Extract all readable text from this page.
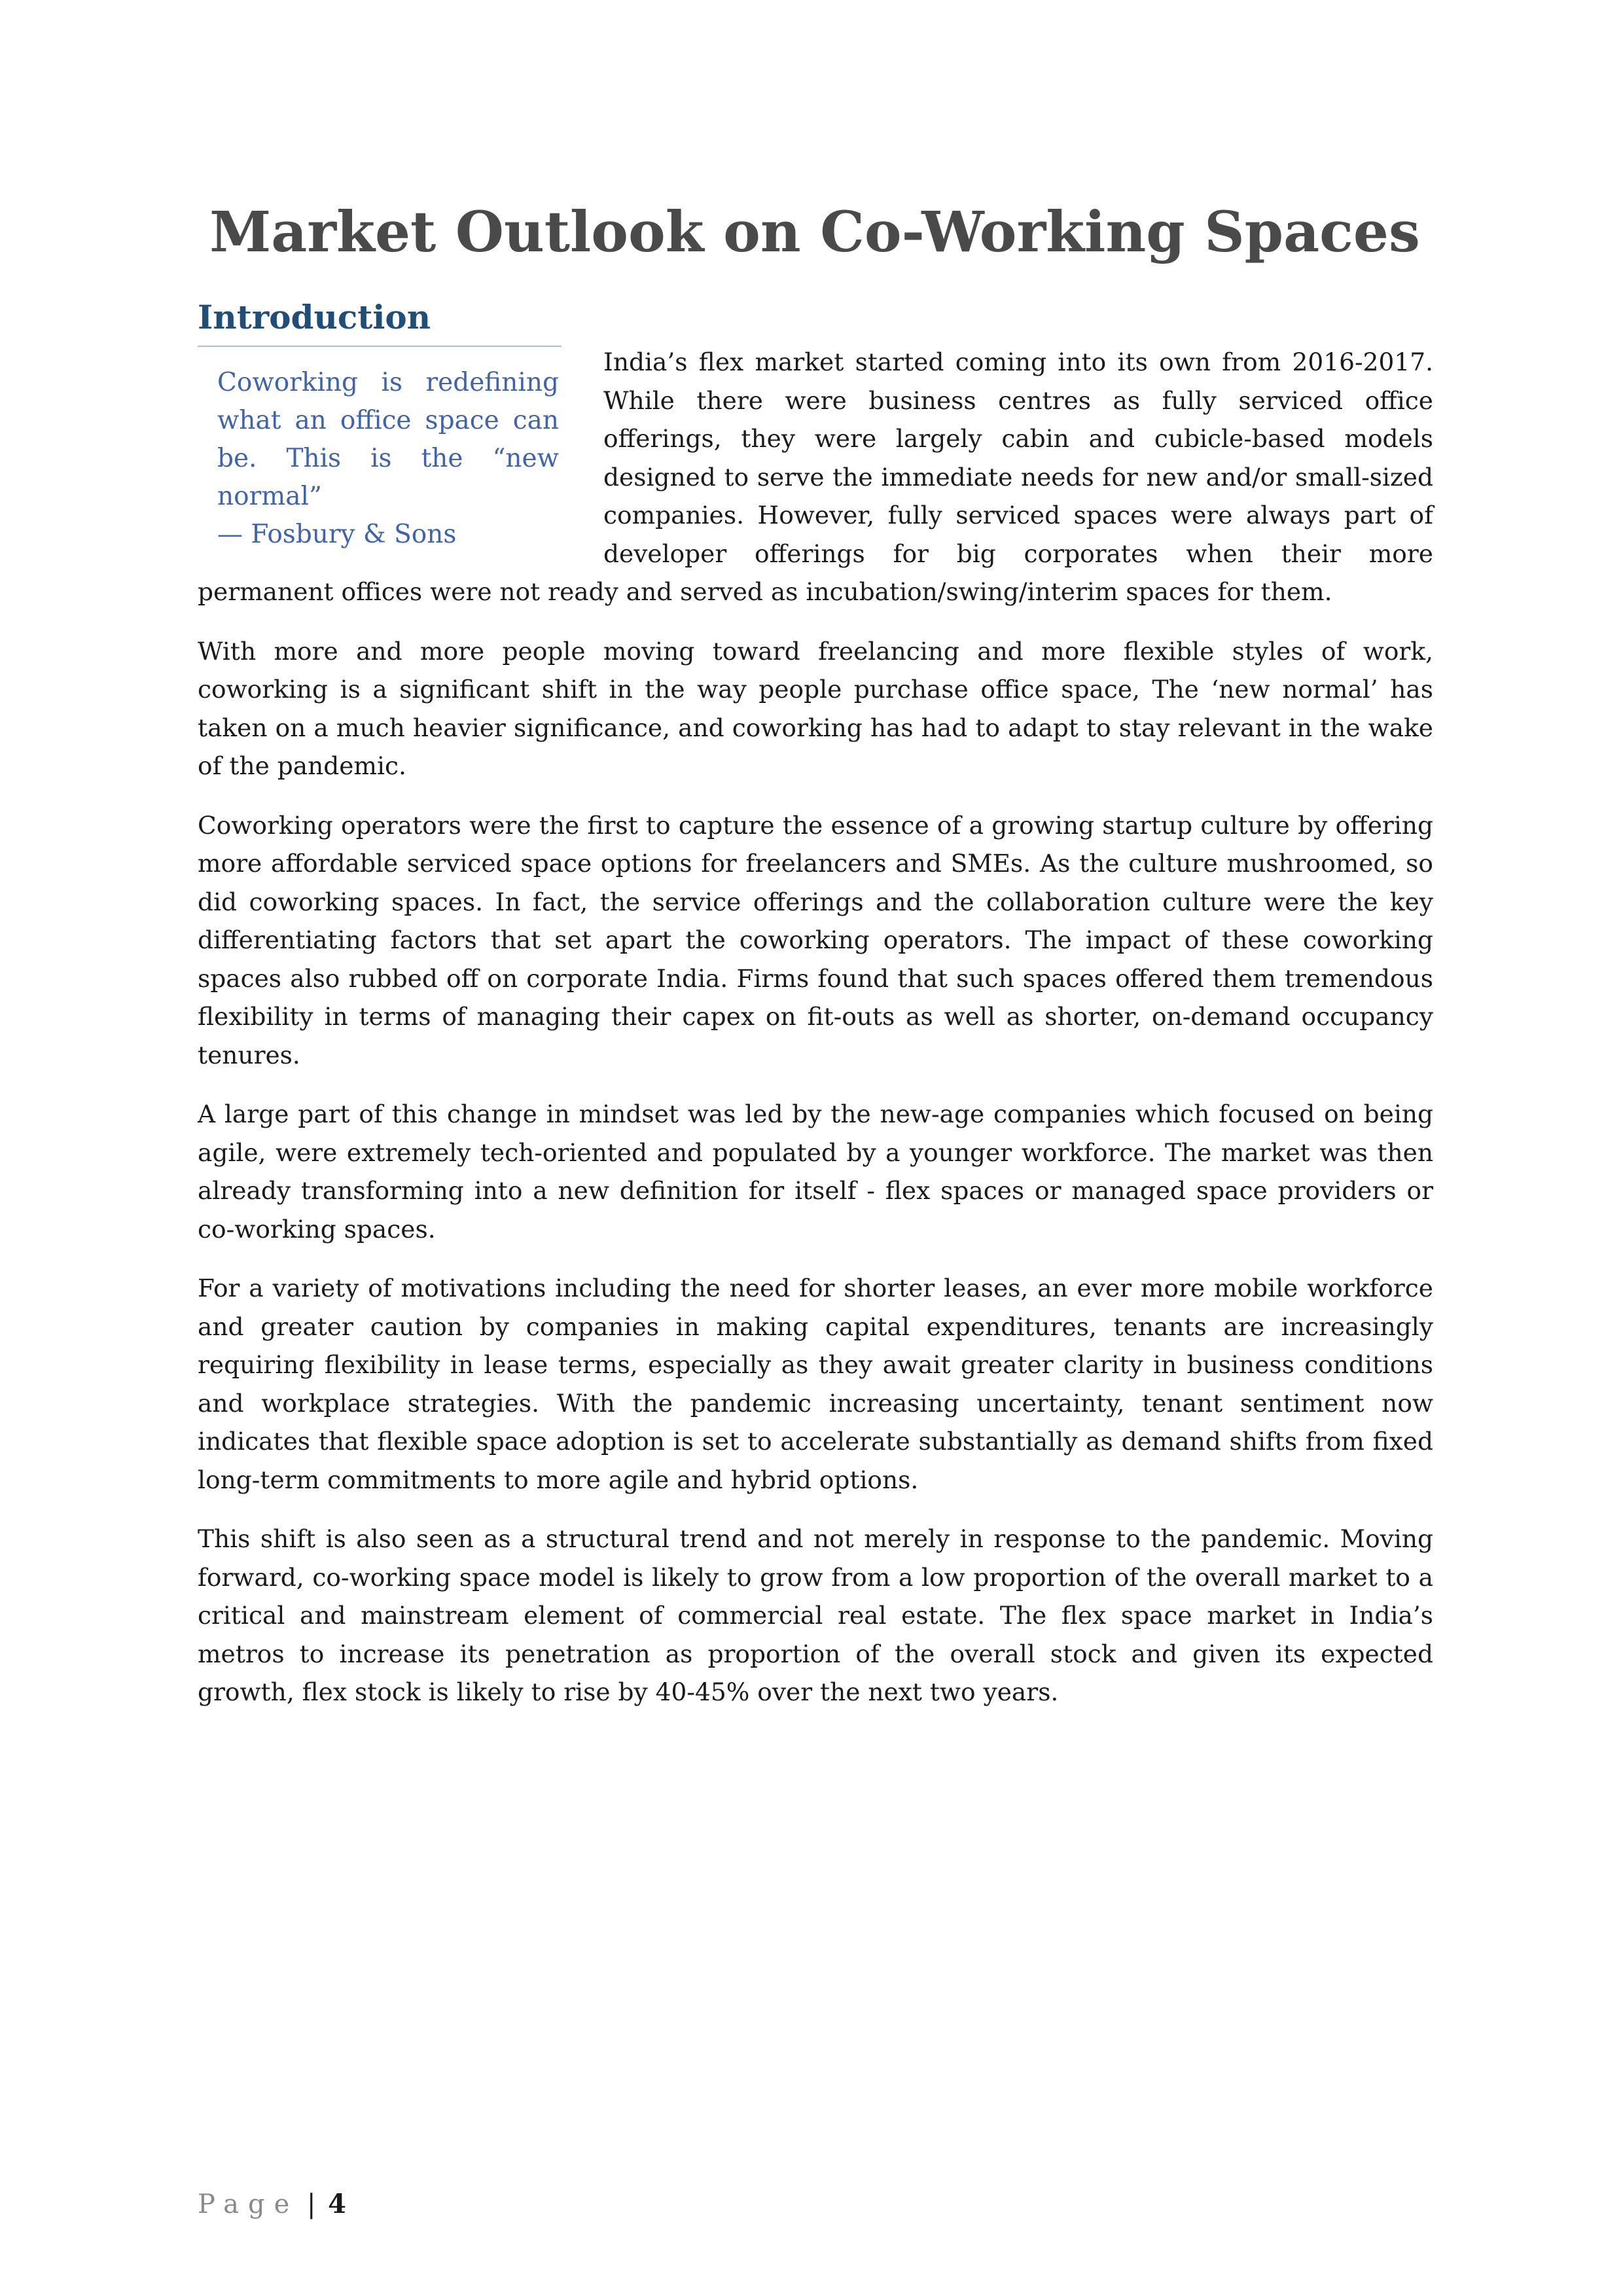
Market Outlook on Co-Working Spaces
Introduction
Coworking is redefining what an office space can be. This is the “new normal”
— Fosbury & Sons

India’s flex market started coming into its own from 2016-2017. While there were business centres as fully serviced office offerings, they were largely cabin and cubicle-based models designed to serve the immediate needs for new and/or small-sized companies. However, fully serviced spaces were always part of developer offerings for big corporates when their more permanent offices were not ready and served as incubation/swing/interim spaces for them.

With more and more people moving toward freelancing and more flexible styles of work, coworking is a significant shift in the way people purchase office space, The ‘new normal’ has taken on a much heavier significance, and coworking has had to adapt to stay relevant in the wake of the pandemic.

Coworking operators were the first to capture the essence of a growing startup culture by offering more affordable serviced space options for freelancers and SMEs. As the culture mushroomed, so did coworking spaces. In fact, the service offerings and the collaboration culture were the key differentiating factors that set apart the coworking operators. The impact of these coworking spaces also rubbed off on corporate India. Firms found that such spaces offered them tremendous flexibility in terms of managing their capex on fit-outs as well as shorter, on-demand occupancy tenures.

A large part of this change in mindset was led by the new-age companies which focused on being agile, were extremely tech-oriented and populated by a younger workforce. The market was then already transforming into a new definition for itself - flex spaces or managed space providers or co-working spaces.

For a variety of motivations including the need for shorter leases, an ever more mobile workforce and greater caution by companies in making capital expenditures, tenants are increasingly requiring flexibility in lease terms, especially as they await greater clarity in business conditions and workplace strategies. With the pandemic increasing uncertainty, tenant sentiment now indicates that flexible space adoption is set to accelerate substantially as demand shifts from fixed long-term commitments to more agile and hybrid options.

This shift is also seen as a structural trend and not merely in response to the pandemic. Moving forward, co-working space model is likely to grow from a low proportion of the overall market to a critical and mainstream element of commercial real estate. The flex space market in India’s metros to increase its penetration as proportion of the overall stock and given its expected growth, flex stock is likely to rise by 40-45% over the next two years.

Page | 4
